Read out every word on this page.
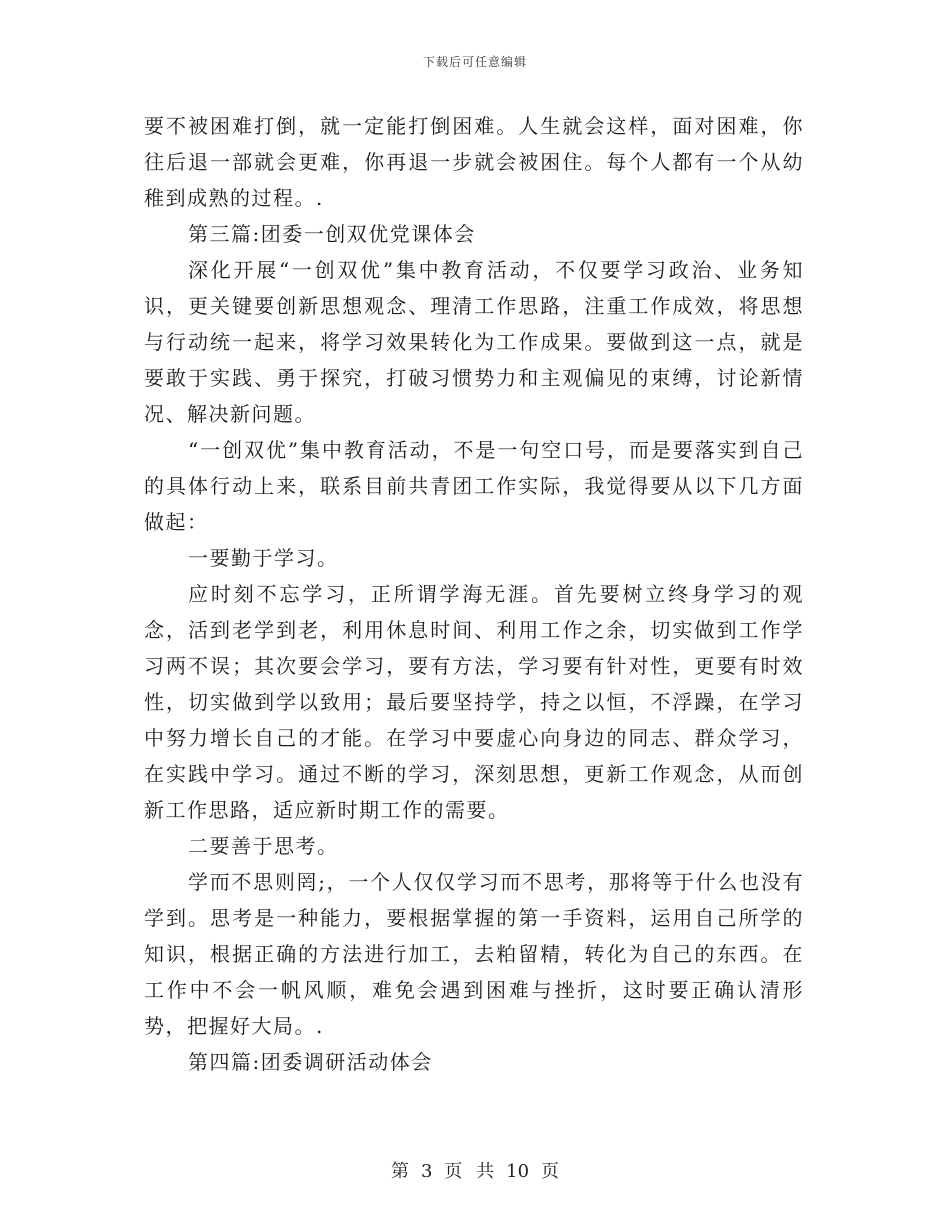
下载后可任意编辑

要不被困难打倒，就一定能打倒困难。人生就会这样，面对困难，你往后退一部就会更难，你再退一步就会被困住。每个人都有一个从幼稚到成熟的过程。.

第三篇:团委一创双优党课体会

深化开展“一创双优”集中教育活动，不仅要学习政治、业务知识，更关键要创新思想观念、理清工作思路，注重工作成效，将思想与行动统一起来，将学习效果转化为工作成果。要做到这一点，就是要敢于实践、勇于探究，打破习惯势力和主观偏见的束缚，讨论新情况、解决新问题。

“一创双优”集中教育活动，不是一句空口号，而是要落实到自己的具体行动上来，联系目前共青团工作实际，我觉得要从以下几方面做起：

一要勤于学习。

应时刻不忘学习，正所谓学海无涯。首先要树立终身学习的观念，活到老学到老，利用休息时间、利用工作之余，切实做到工作学习两不误；其次要会学习，要有方法，学习要有针对性，更要有时效性，切实做到学以致用；最后要坚持学，持之以恒，不浮躁，在学习中努力增长自己的才能。在学习中要虚心向身边的同志、群众学习，在实践中学习。通过不断的学习，深刻思想，更新工作观念，从而创新工作思路，适应新时期工作的需要。

二要善于思考。

学而不思则罔;，一个人仅仅学习而不思考，那将等于什么也没有学到。思考是一种能力，要根据掌握的第一手资料，运用自己所学的知识，根据正确的方法进行加工，去粕留精，转化为自己的东西。在工作中不会一帆风顺，难免会遇到困难与挫折，这时要正确认清形势，把握好大局。.

第四篇:团委调研活动体会

第 3 页 共 10 页
